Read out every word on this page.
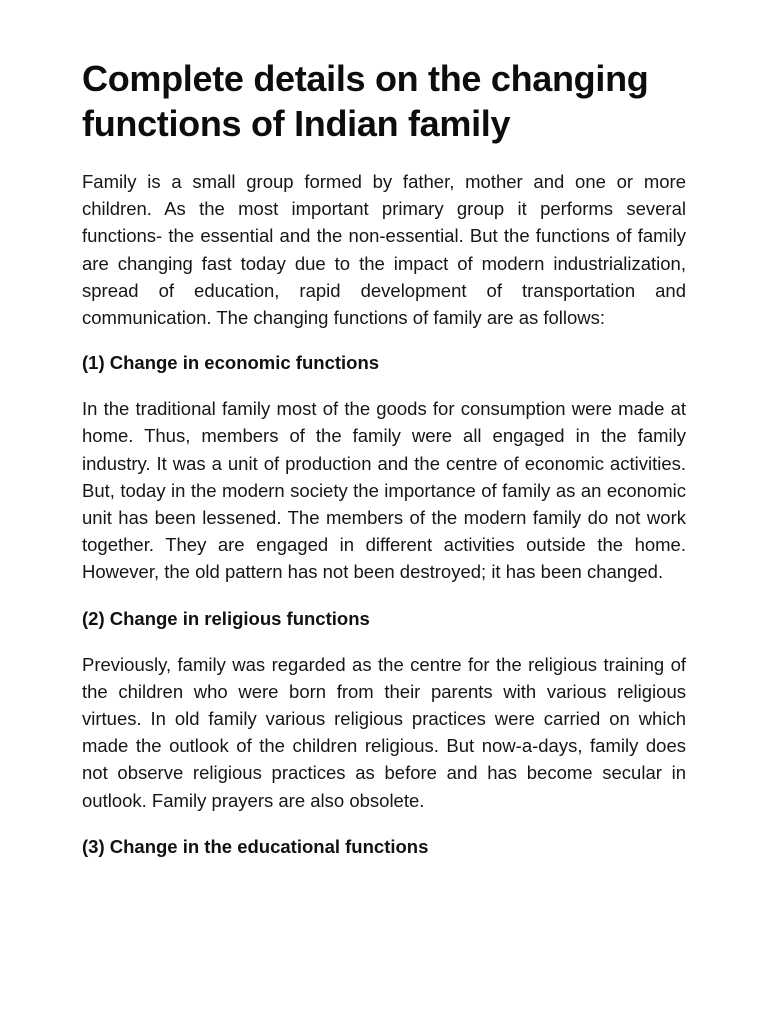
Complete details on the changing functions of Indian family

Family is a small group formed by father, mother and one or more children. As the most important primary group it performs several functions- the essential and the non-essential. But the functions of family are changing fast today due to the impact of modern industrialization, spread of education, rapid development of transportation and communication. The changing functions of family are as follows:

(1) Change in economic functions

In the traditional family most of the goods for consumption were made at home. Thus, members of the family were all engaged in the family industry. It was a unit of production and the centre of economic activities. But, today in the modern society the importance of family as an economic unit has been lessened. The members of the modern family do not work together. They are engaged in different activities outside the home. However, the old pattern has not been destroyed; it has been changed.

(2) Change in religious functions

Previously, family was regarded as the centre for the religious training of the children who were born from their parents with various religious virtues. In old family various religious practices were carried on which made the outlook of the children religious. But now-a-days, family does not observe religious practices as before and has become secular in outlook. Family prayers are also obsolete.

(3) Change in the educational functions
